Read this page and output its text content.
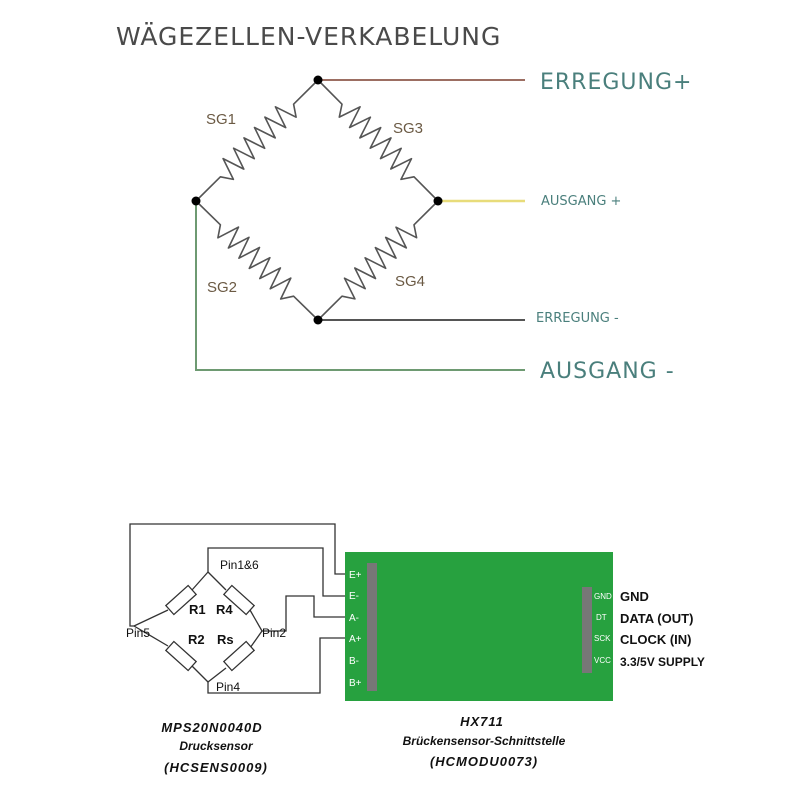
WÄGEZELLEN-VERKABELUNG
SG1
SG3
SG2	SG4
ERREGUNG+
AUSGANG +
ERREGUNG -
AUSGANG -
Pin1&6
Pin5	Pin2
Pin4
R1 R4
R2 Rs
MPS20N0040D
Drucksensor
(HCSENS0009)
E+
E-
A-
A+
B-
B+
GND
DT
SCK
VCC
GND
DATA (OUT)
CLOCK (IN)
3.3/5V SUPPLY
HX711
Brückensensor-Schnittstelle
(HCMODU0073)
